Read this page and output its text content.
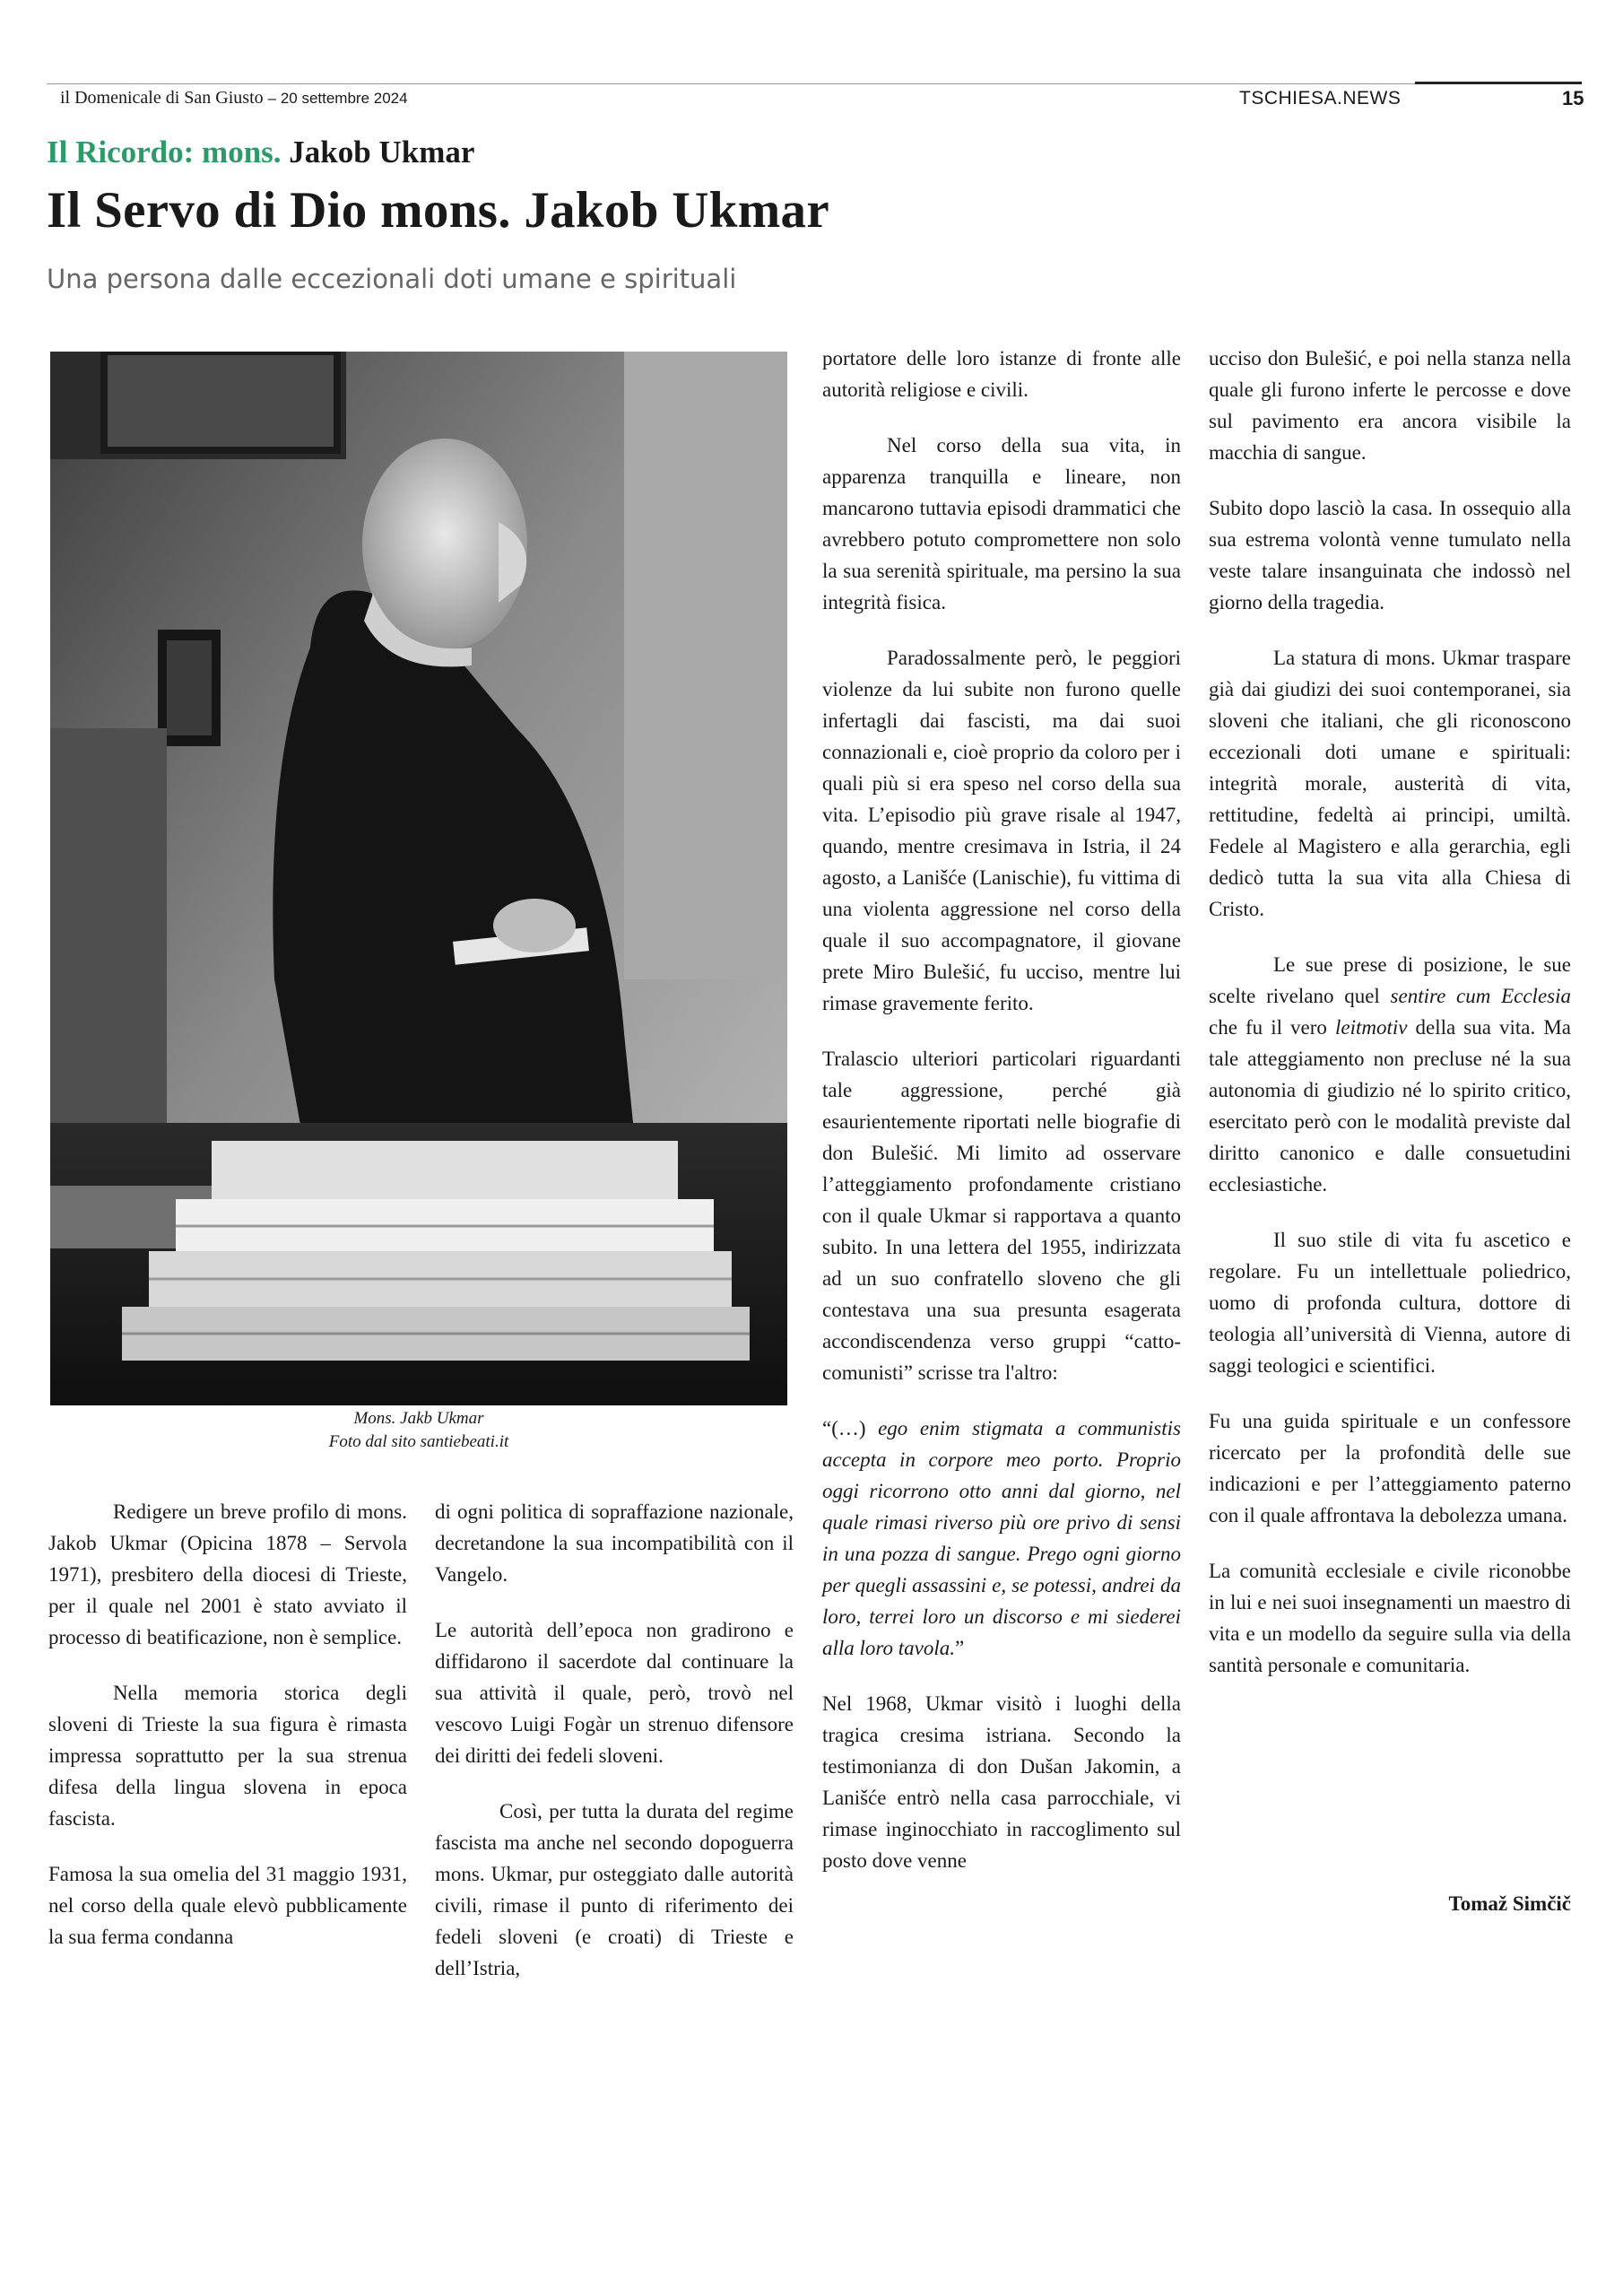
il Domenicale di San Giusto – 20 settembre 2024	TSCHIESA.NEWS	15
Il Ricordo: mons. Jakob Ukmar
Il Servo di Dio mons. Jakob Ukmar
Una persona dalle eccezionali doti umane e spirituali
Mons. Jakb Ukmar
Foto dal sito santiebeati.it

Redigere un breve profilo di mons. Jakob Ukmar (Opicina 1878 – Servola 1971), presbitero della diocesi di Trieste, per il quale nel 2001 è stato avviato il processo di beatificazione, non è semplice.

Nella memoria storica degli sloveni di Trieste la sua figura è rimasta impressa soprattutto per la sua strenua difesa della lingua slovena in epoca fascista.

Famosa la sua omelia del 31 maggio 1931, nel corso della quale elevò pubblicamente la sua ferma condanna

di ogni politica di sopraffazione nazionale, decretandone la sua incompatibilità con il Vangelo.

Le autorità dell’epoca non gradirono e diffidarono il sacerdote dal continuare la sua attività il quale, però, trovò nel vescovo Luigi Fogàr un strenuo difensore dei diritti dei fedeli sloveni.

Così, per tutta la durata del regime fascista ma anche nel secondo dopoguerra mons. Ukmar, pur osteggiato dalle autorità civili, rimase il punto di riferimento dei fedeli sloveni (e croati) di Trieste e dell’Istria,

portatore delle loro istanze di fronte alle autorità religiose e civili.

Nel corso della sua vita, in apparenza tranquilla e lineare, non mancarono tuttavia episodi drammatici che avrebbero potuto compromettere non solo la sua serenità spirituale, ma persino la sua integrità fisica.

Paradossalmente però, le peggiori violenze da lui subite non furono quelle infertagli dai fascisti, ma dai suoi connazionali e, cioè proprio da coloro per i quali più si era speso nel corso della sua vita. L’episodio più grave risale al 1947, quando, mentre cresimava in Istria, il 24 agosto, a Lanišće (Lanischie), fu vittima di una violenta aggressione nel corso della quale il suo accompagnatore, il giovane prete Miro Bulešić, fu ucciso, mentre lui rimase gravemente ferito.

Tralascio ulteriori particolari riguardanti tale aggressione, perché già esaurientemente riportati nelle biografie di don Bulešić. Mi limito ad osservare l’atteggiamento profondamente cristiano con il quale Ukmar si rapportava a quanto subito. In una lettera del 1955, indirizzata ad un suo confratello sloveno che gli contestava una sua presunta esagerata accondiscendenza verso gruppi “catto-comunisti” scrisse tra l'altro:

“(…) ego enim stigmata a communistis accepta in corpore meo porto. Proprio oggi ricorrono otto anni dal giorno, nel quale rimasi riverso più ore privo di sensi in una pozza di sangue. Prego ogni giorno per quegli assassini e, se potessi, andrei da loro, terrei loro un discorso e mi siederei alla loro tavola.”

Nel 1968, Ukmar visitò i luoghi della tragica cresima istriana. Secondo la testimonianza di don Dušan Jakomin, a Lanišće entrò nella casa parrocchiale, vi rimase inginocchiato in raccoglimento sul posto dove venne

ucciso don Bulešić, e poi nella stanza nella quale gli furono inferte le percosse e dove sul pavimento era ancora visibile la macchia di sangue.

Subito dopo lasciò la casa. In ossequio alla sua estrema volontà venne tumulato nella veste talare insanguinata che indossò nel giorno della tragedia.

La statura di mons. Ukmar traspare già dai giudizi dei suoi contemporanei, sia sloveni che italiani, che gli riconoscono eccezionali doti umane e spirituali: integrità morale, austerità di vita, rettitudine, fedeltà ai principi, umiltà. Fedele al Magistero e alla gerarchia, egli dedicò tutta la sua vita alla Chiesa di Cristo.

Le sue prese di posizione, le sue scelte rivelano quel sentire cum Ecclesia che fu il vero leitmotiv della sua vita. Ma tale atteggiamento non precluse né la sua autonomia di giudizio né lo spirito critico, esercitato però con le modalità previste dal diritto canonico e dalle consuetudini ecclesiastiche.

Il suo stile di vita fu ascetico e regolare. Fu un intellettuale poliedrico, uomo di profonda cultura, dottore di teologia all’università di Vienna, autore di saggi teologici e scientifici.

Fu una guida spirituale e un confessore ricercato per la profondità delle sue indicazioni e per l’atteggiamento paterno con il quale affrontava la debolezza umana.

La comunità ecclesiale e civile riconobbe in lui e nei suoi insegnamenti un maestro di vita e un modello da seguire sulla via della santità personale e comunitaria.

Tomaž Simčič
